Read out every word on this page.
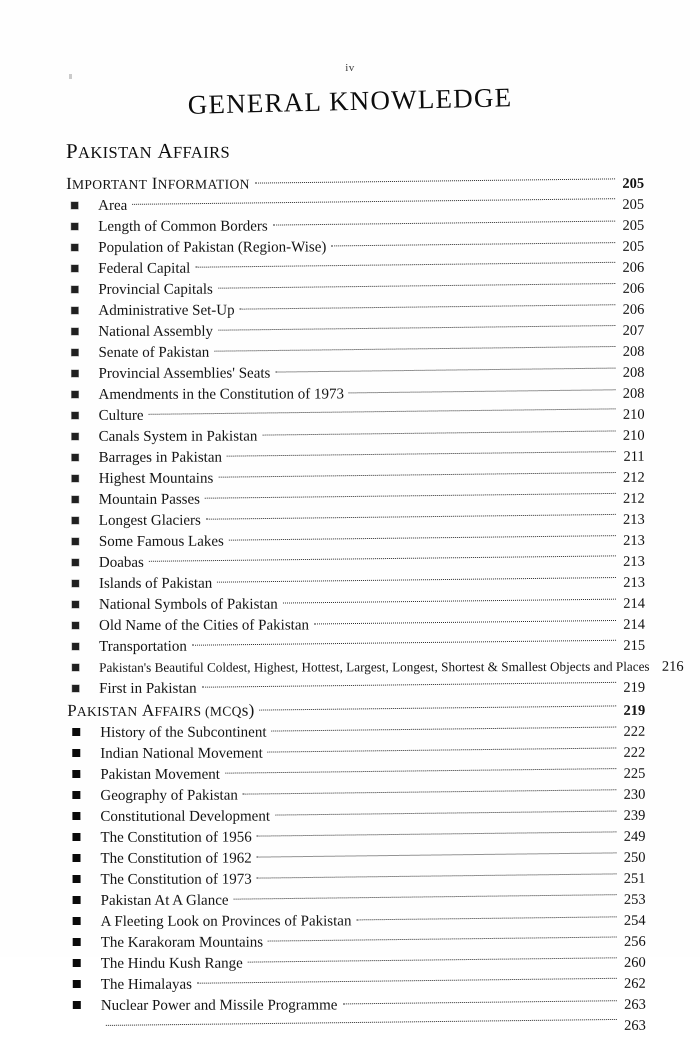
iv
GENERAL KNOWLEDGE
PAKISTAN AFFAIRS
IMPORTANT INFORMATION	205
Area	205
Length of Common Borders	205
Population of Pakistan (Region-Wise)	205
Federal Capital	206
Provincial Capitals	206
Administrative Set-Up	206
National Assembly	207
Senate of Pakistan	208
Provincial Assemblies' Seats	208
Amendments in the Constitution of 1973	208
Culture	210
Canals System in Pakistan	210
Barrages in Pakistan	211
Highest Mountains	212
Mountain Passes	212
Longest Glaciers	213
Some Famous Lakes	213
Doabas	213
Islands of Pakistan	213
National Symbols of Pakistan	214
Old Name of the Cities of Pakistan	214
Transportation	215
Pakistan's Beautiful Coldest, Highest, Hottest, Largest, Longest, Shortest & Smallest Objects and Places 216
First in Pakistan	219
PAKISTAN AFFAIRS (MCQs)	219
History of the Subcontinent	222
Indian National Movement	222
Pakistan Movement	225
Geography of Pakistan	230
Constitutional Development	239
The Constitution of 1956	249
The Constitution of 1962	250
The Constitution of 1973	251
Pakistan At A Glance	253
A Fleeting Look on Provinces of Pakistan	254
The Karakoram Mountains	256
The Hindu Kush Range	260
The Himalayas	262
Nuclear Power and Missile Programme	263
263
